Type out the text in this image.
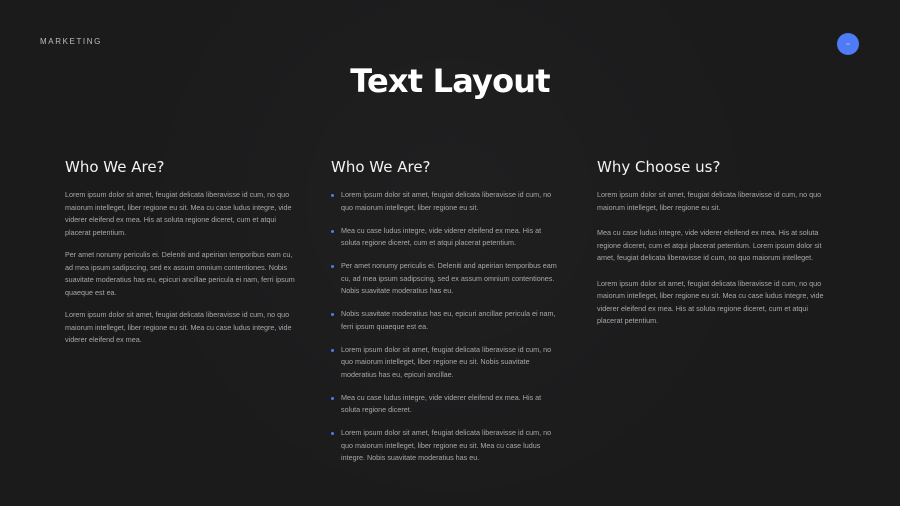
MARKETING
Text Layout
Who We Are?

Lorem ipsum dolor sit amet, feugiat delicata liberavisse id cum, no quo maiorum intelleget, liber regione eu sit. Mea cu case ludus integre, vide viderer eleifend ex mea. His at soluta regione diceret, cum et atqui placerat petentium.

Per amet nonumy periculis ei. Deleniti and apeirian temporibus eam cu, ad mea ipsum sadipscing, sed ex assum omnium contentiones. Nobis suavitate moderatius has eu, epicuri ancillae pericula ei nam, ferri ipsum quaeque est ea.

Lorem ipsum dolor sit amet, feugiat delicata liberavisse id cum, no quo maiorum intelleget, liber regione eu sit. Mea cu case ludus integre, vide viderer eleifend ex mea.

Who We Are?
Lorem ipsum dolor sit amet, feugiat delicata liberavisse id cum, no quo maiorum intelleget, liber regione eu sit.
Mea cu case ludus integre, vide viderer eleifend ex mea. His at soluta regione diceret, cum et atqui placerat petentium.
Per amet nonumy periculis ei. Deleniti and apeirian temporibus eam cu, ad mea ipsum sadipscing, sed ex assum omnium contentiones. Nobis suavitate moderatius has eu.
Nobis suavitate moderatius has eu, epicuri ancillae pericula ei nam, ferri ipsum quaeque est ea.
Lorem ipsum dolor sit amet, feugiat delicata liberavisse id cum, no quo maiorum intelleget, liber regione eu sit. Nobis suavitate moderatius has eu, epicuri ancillae.
Mea cu case ludus integre, vide viderer eleifend ex mea. His at soluta regione diceret.
Lorem ipsum dolor sit amet, feugiat delicata liberavisse id cum, no quo maiorum intelleget, liber regione eu sit. Mea cu case ludus integre. Nobis suavitate moderatius has eu.
Why Choose us?

Lorem ipsum dolor sit amet, feugiat delicata liberavisse id cum, no quo maiorum intelleget, liber regione eu sit.

Mea cu case ludus integre, vide viderer eleifend ex mea. His at soluta regione diceret, cum et atqui placerat petentium. Lorem ipsum dolor sit amet, feugiat delicata liberavisse id cum, no quo maiorum intelleget.

Lorem ipsum dolor sit amet, feugiat delicata liberavisse id cum, no quo maiorum intelleget, liber regione eu sit. Mea cu case ludus integre, vide viderer eleifend ex mea. His at soluta regione diceret, cum et atqui placerat petentium.
